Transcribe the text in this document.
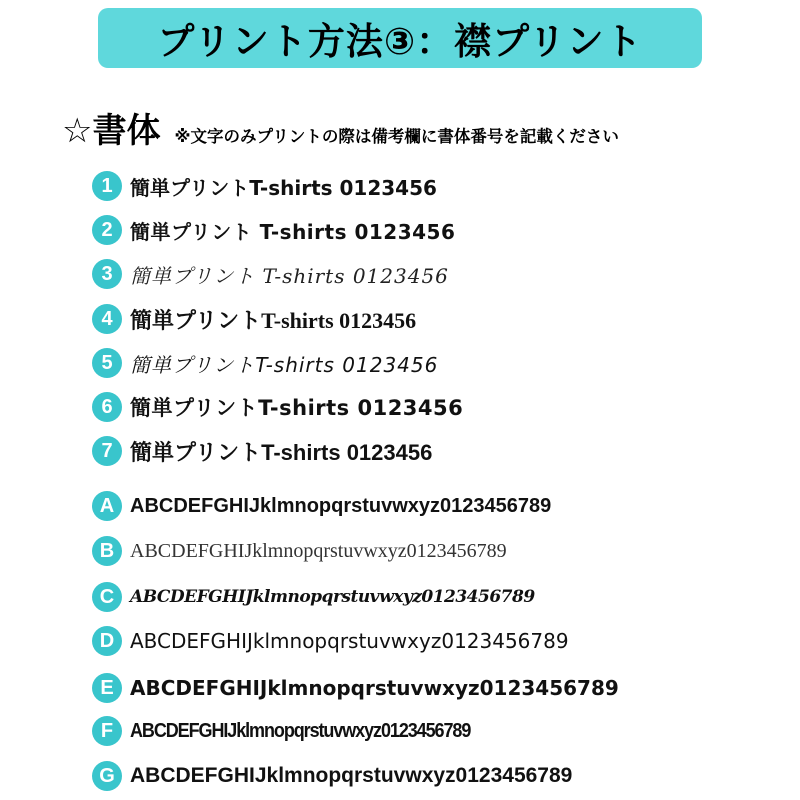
プリント方法③：襟プリント
☆書体 ※文字のみプリントの際は備考欄に書体番号を記載ください
1 簡単プリントT-shirts 0123456
2 簡単プリント T-shirts 0123456
3 簡単プリント T-shirts 0123456
4 簡単プリントT-shirts 0123456
5 簡単プリントT-shirts 0123456
6 簡単プリントT-shirts 0123456
7 簡単プリントT-shirts 0123456
A ABCDEFGHIJklmnopqrstuvwxyz0123456789
B ABCDEFGHIJklmnopqrstuvwxyz0123456789
C ABCDEFGHIJklmnopqrstuvwxyz0123456789
D ABCDEFGHIJklmnopqrstuvwxyz0123456789
E ABCDEFGHIJklmnopqrstuvwxyz0123456789
F ABCDEFGHIJklmnopqrstuvwxyz0123456789
G ABCDEFGHIJklmnopqrstuvwxyz0123456789
